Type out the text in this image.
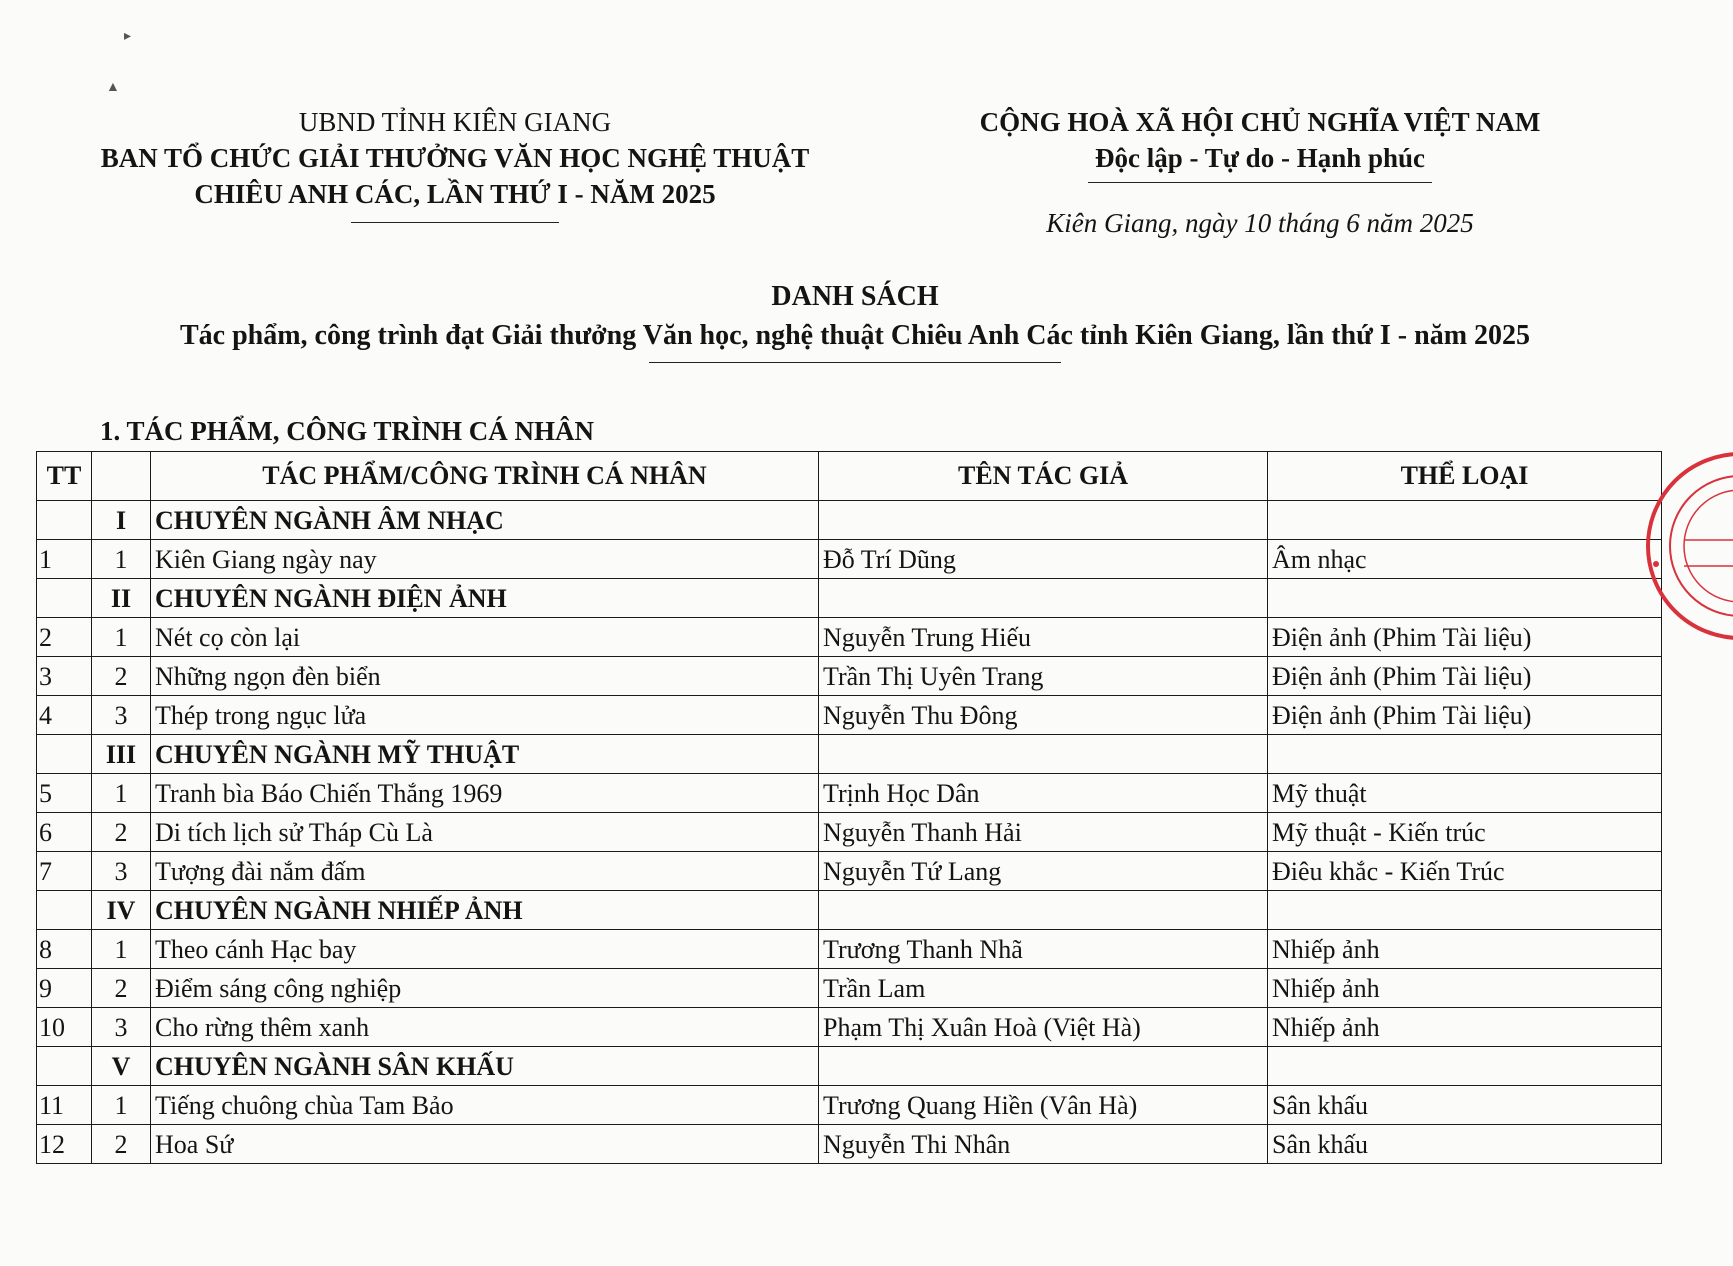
▸
▲
UBND TỈNH KIÊN GIANG
BAN TỔ CHỨC GIẢI THƯỞNG VĂN HỌC NGHỆ THUẬT
CHIÊU ANH CÁC, LẦN THỨ I - NĂM 2025
CỘNG HOÀ XÃ HỘI CHỦ NGHĨA VIỆT NAM
Độc lập - Tự do - Hạnh phúc
Kiên Giang, ngày 10 tháng 6 năm 2025
DANH SÁCH
Tác phẩm, công trình đạt Giải thưởng Văn học, nghệ thuật Chiêu Anh Các tỉnh Kiên Giang, lần thứ I - năm 2025
1. TÁC PHẨM, CÔNG TRÌNH CÁ NHÂN
TT		TÁC PHẨM/CÔNG TRÌNH CÁ NHÂN	TÊN TÁC GIẢ	THỂ LOẠI
	I	CHUYÊN NGÀNH ÂM NHẠC		
1	1	Kiên Giang ngày nay	Đỗ Trí Dũng	Âm nhạc
	II	CHUYÊN NGÀNH ĐIỆN ẢNH		
2	1	Nét cọ còn lại	Nguyễn Trung Hiếu	Điện ảnh (Phim Tài liệu)
3	2	Những ngọn đèn biển	Trần Thị Uyên Trang	Điện ảnh (Phim Tài liệu)
4	3	Thép trong ngục lửa	Nguyễn Thu Đông	Điện ảnh (Phim Tài liệu)
	III	CHUYÊN NGÀNH MỸ THUẬT		
5	1	Tranh bìa Báo Chiến Thắng 1969	Trịnh Học Dân	Mỹ thuật
6	2	Di tích lịch sử Tháp Cù Là	Nguyễn Thanh Hải	Mỹ thuật - Kiến trúc
7	3	Tượng đài nắm đấm	Nguyễn Tứ Lang	Điêu khắc - Kiến Trúc
	IV	CHUYÊN NGÀNH NHIẾP ẢNH		
8	1	Theo cánh Hạc bay	Trương Thanh Nhã	Nhiếp ảnh
9	2	Điểm sáng công nghiệp	Trần Lam	Nhiếp ảnh
10	3	Cho rừng thêm xanh	Phạm Thị Xuân Hoà (Việt Hà)	Nhiếp ảnh
	V	CHUYÊN NGÀNH SÂN KHẤU		
11	1	Tiếng chuông chùa Tam Bảo	Trương Quang Hiền (Vân Hà)	Sân khấu
12	2	Hoa Sứ	Nguyễn Thi Nhân	Sân khấu
